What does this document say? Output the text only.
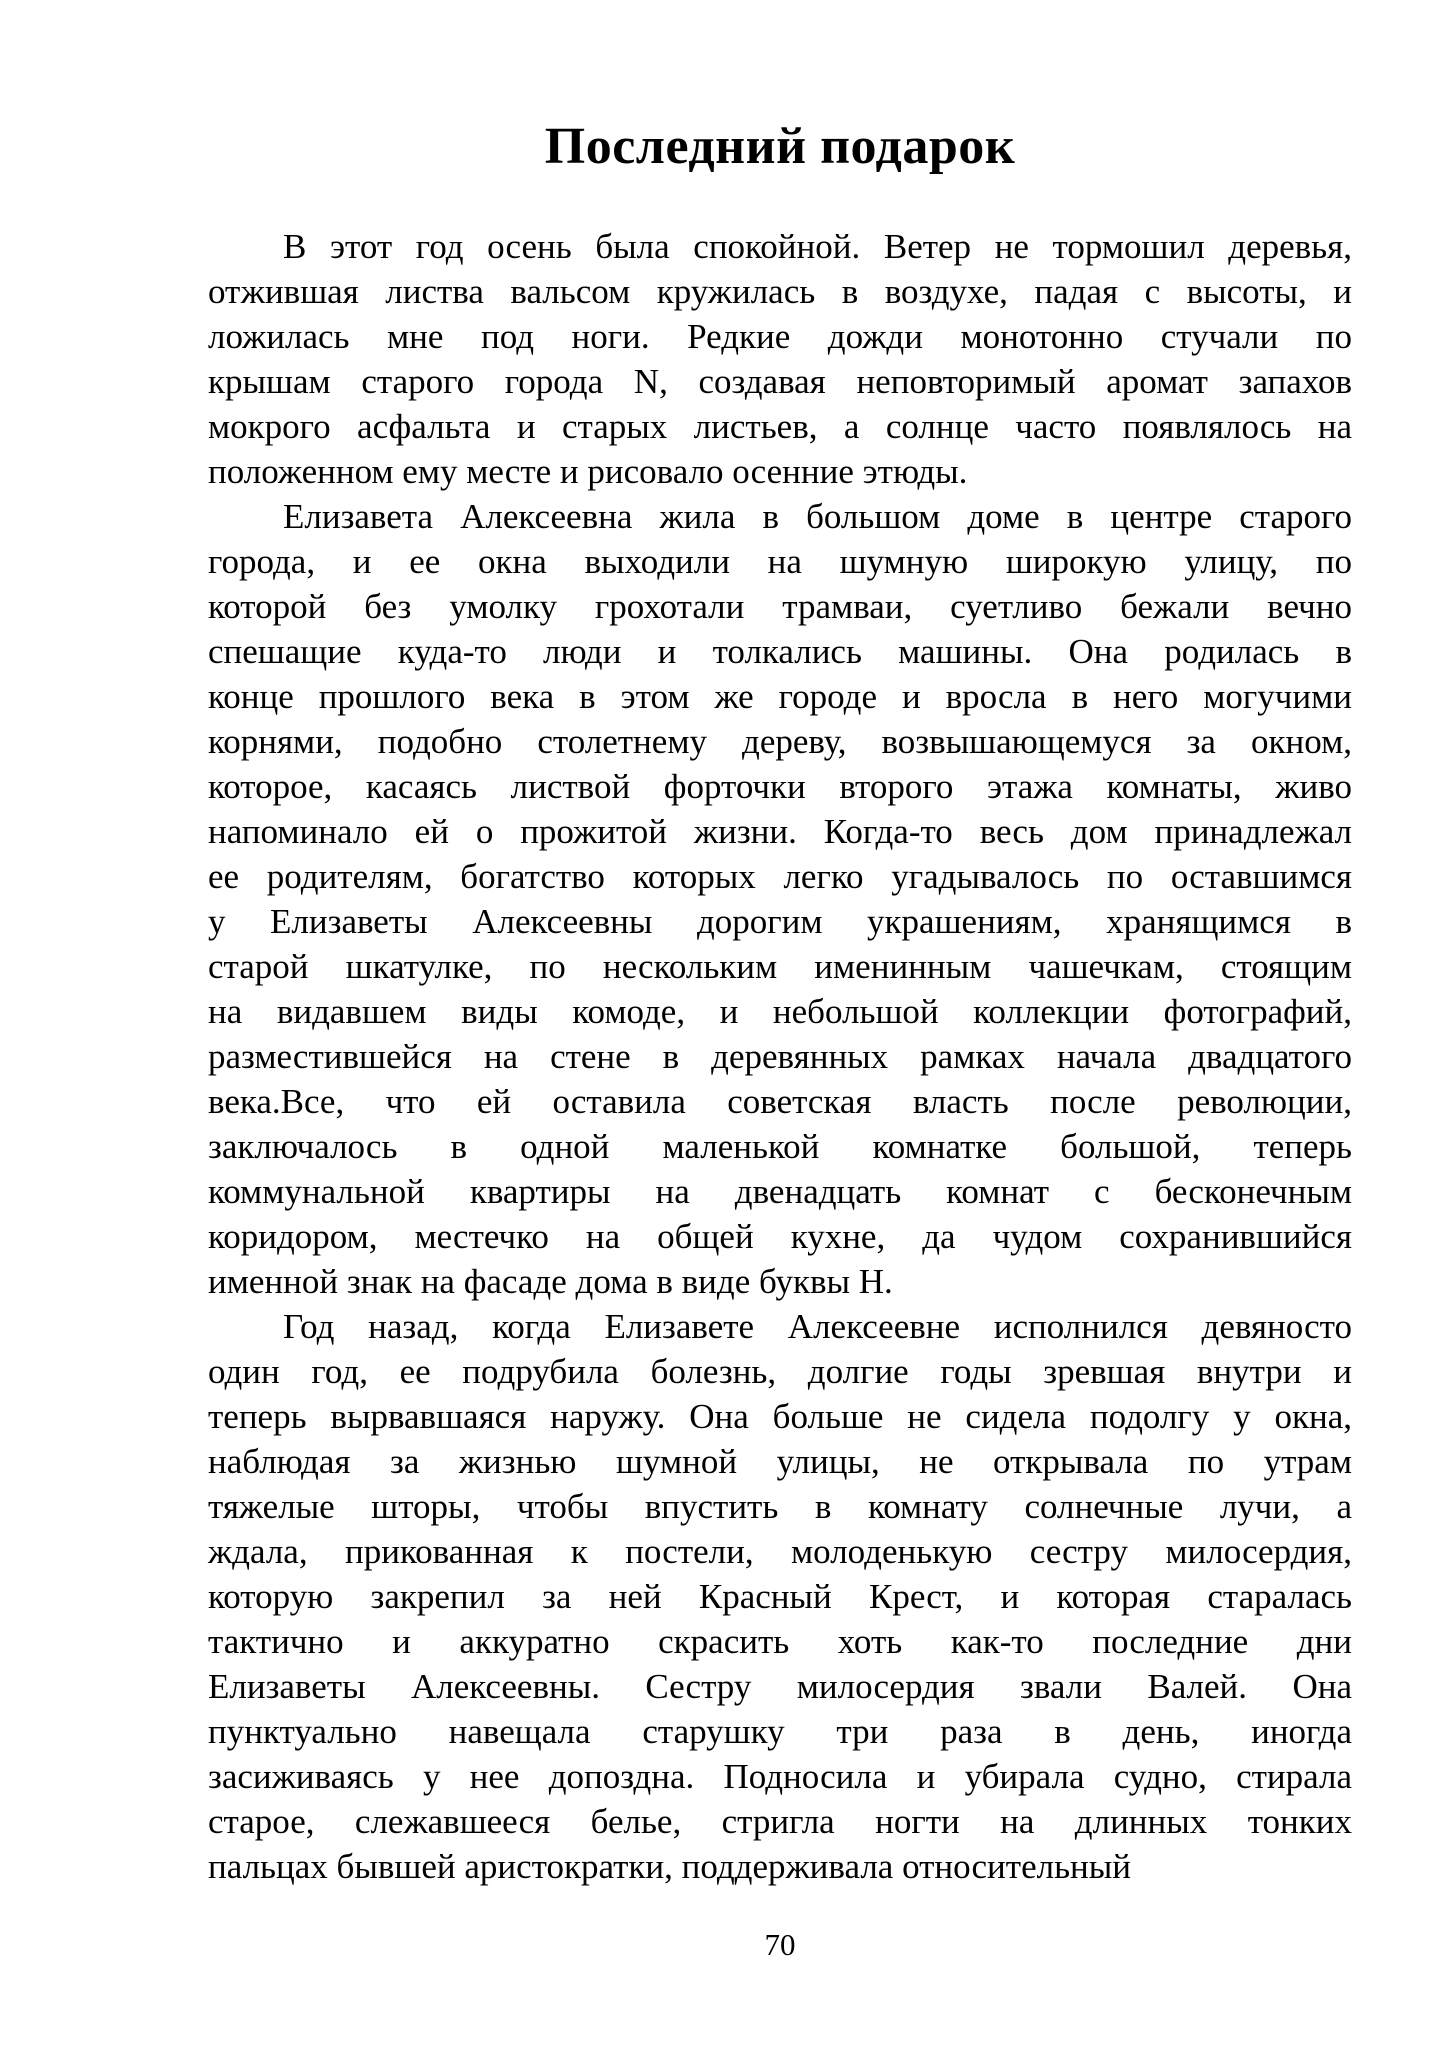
Последний подарок
В этот год осень была спокойной. Ветер не тормошил деревья,
отжившая листва вальсом кружилась в воздухе, падая с высоты, и
ложилась мне под ноги. Редкие дожди монотонно стучали по
крышам старого города N, создавая неповторимый аромат запахов
мокрого асфальта и старых листьев, а солнце часто появлялось на
положенном ему месте и рисовало осенние этюды.
Елизавета Алексеевна жила в большом доме в центре старого
города, и ее окна выходили на шумную широкую улицу, по
которой без умолку грохотали трамваи, суетливо бежали вечно
спешащие куда-то люди и толкались машины. Она родилась в
конце прошлого века в этом же городе и вросла в него могучими
корнями, подобно столетнему дереву, возвышающемуся за окном,
которое, касаясь листвой форточки второго этажа комнаты, живо
напоминало ей о прожитой жизни. Когда-то весь дом принадлежал
ее родителям, богатство которых легко угадывалось по оставшимся
у Елизаветы Алексеевны дорогим украшениям, хранящимся в
старой шкатулке, по нескольким именинным чашечкам, стоящим
на видавшем виды комоде, и небольшой коллекции фотографий,
разместившейся на стене в деревянных рамках начала двадцатого
века.Все, что ей оставила советская власть после революции,
заключалось в одной маленькой комнатке большой, теперь
коммунальной квартиры на двенадцать комнат с бесконечным
коридором, местечко на общей кухне, да чудом сохранившийся
именной знак на фасаде дома в виде буквы Н.
Год назад, когда Елизавете Алексеевне исполнился девяносто
один год, ее подрубила болезнь, долгие годы зревшая внутри и
теперь вырвавшаяся наружу. Она больше не сидела подолгу у окна,
наблюдая за жизнью шумной улицы, не открывала по утрам
тяжелые шторы, чтобы впустить в комнату солнечные лучи, а
ждала, прикованная к постели, молоденькую сестру милосердия,
которую закрепил за ней Красный Крест, и которая старалась
тактично и аккуратно скрасить хоть как-то последние дни
Елизаветы Алексеевны. Сестру милосердия звали Валей. Она
пунктуально навещала старушку три раза в день, иногда
засиживаясь у нее допоздна. Подносила и убирала судно, стирала
старое, слежавшееся белье, стригла ногти на длинных тонких
пальцах бывшей аристократки, поддерживала относительный
70
